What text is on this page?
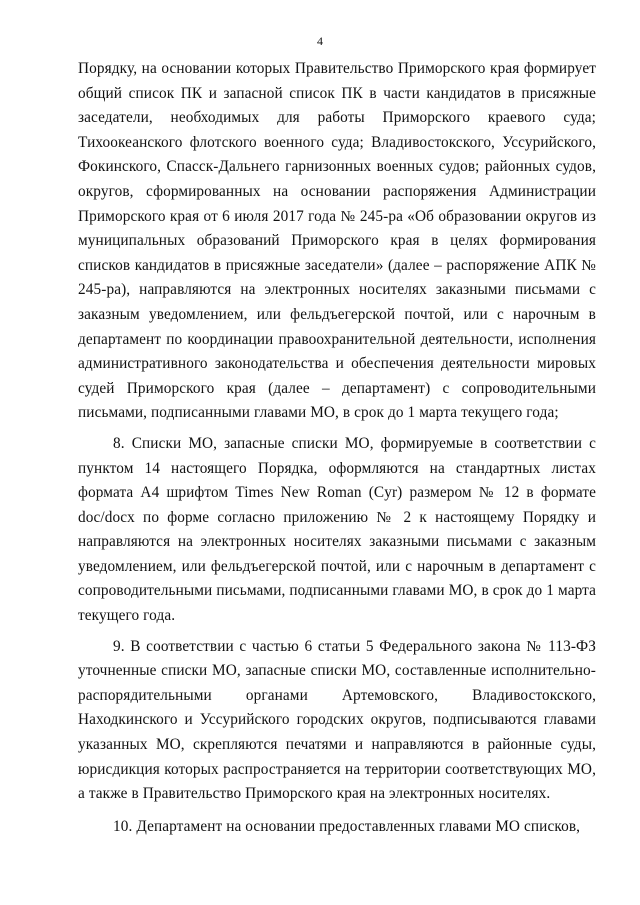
4

Порядку, на основании которых Правительство Приморского края формирует общий список ПК и запасной список ПК в части кандидатов в присяжные заседатели, необходимых для работы Приморского краевого суда; Тихоокеанского флотского военного суда; Владивостокского, Уссурийского, Фокинского, Спасск-Дальнего гарнизонных военных судов; районных судов, округов, сформированных на основании распоряжения Администрации Приморского края от 6 июля 2017 года № 245-ра «Об образовании округов из муниципальных образований Приморского края в целях формирования списков кандидатов в присяжные заседатели» (далее – распоряжение АПК № 245-ра), направляются на электронных носителях заказными письмами с заказным уведомлением, или фельдъегерской почтой, или с нарочным в департамент по координации правоохранительной деятельности, исполнения административного законодательства и обеспечения деятельности мировых судей Приморского края (далее – департамент) с сопроводительными письмами, подписанными главами МО, в срок до 1 марта текущего года;

8. Списки МО, запасные списки МО, формируемые в соответствии с пунктом 14 настоящего Порядка, оформляются на стандартных листах формата А4 шрифтом Times New Roman (Cyr) размером № 12 в формате doc/docx по форме согласно приложению № 2 к настоящему Порядку и направляются на электронных носителях заказными письмами с заказным уведомлением, или фельдъегерской почтой, или с нарочным в департамент с сопроводительными письмами, подписанными главами МО, в срок до 1 марта текущего года.

9. В соответствии с частью 6 статьи 5 Федерального закона № 113-ФЗ уточненные списки МО, запасные списки МО, составленные исполнительно-распорядительными органами Артемовского, Владивостокского, Находкинского и Уссурийского городских округов, подписываются главами указанных МО, скрепляются печатями и направляются в районные суды, юрисдикция которых распространяется на территории соответствующих МО, а также в Правительство Приморского края на электронных носителях.

10. Департамент на основании предоставленных главами МО списков,
